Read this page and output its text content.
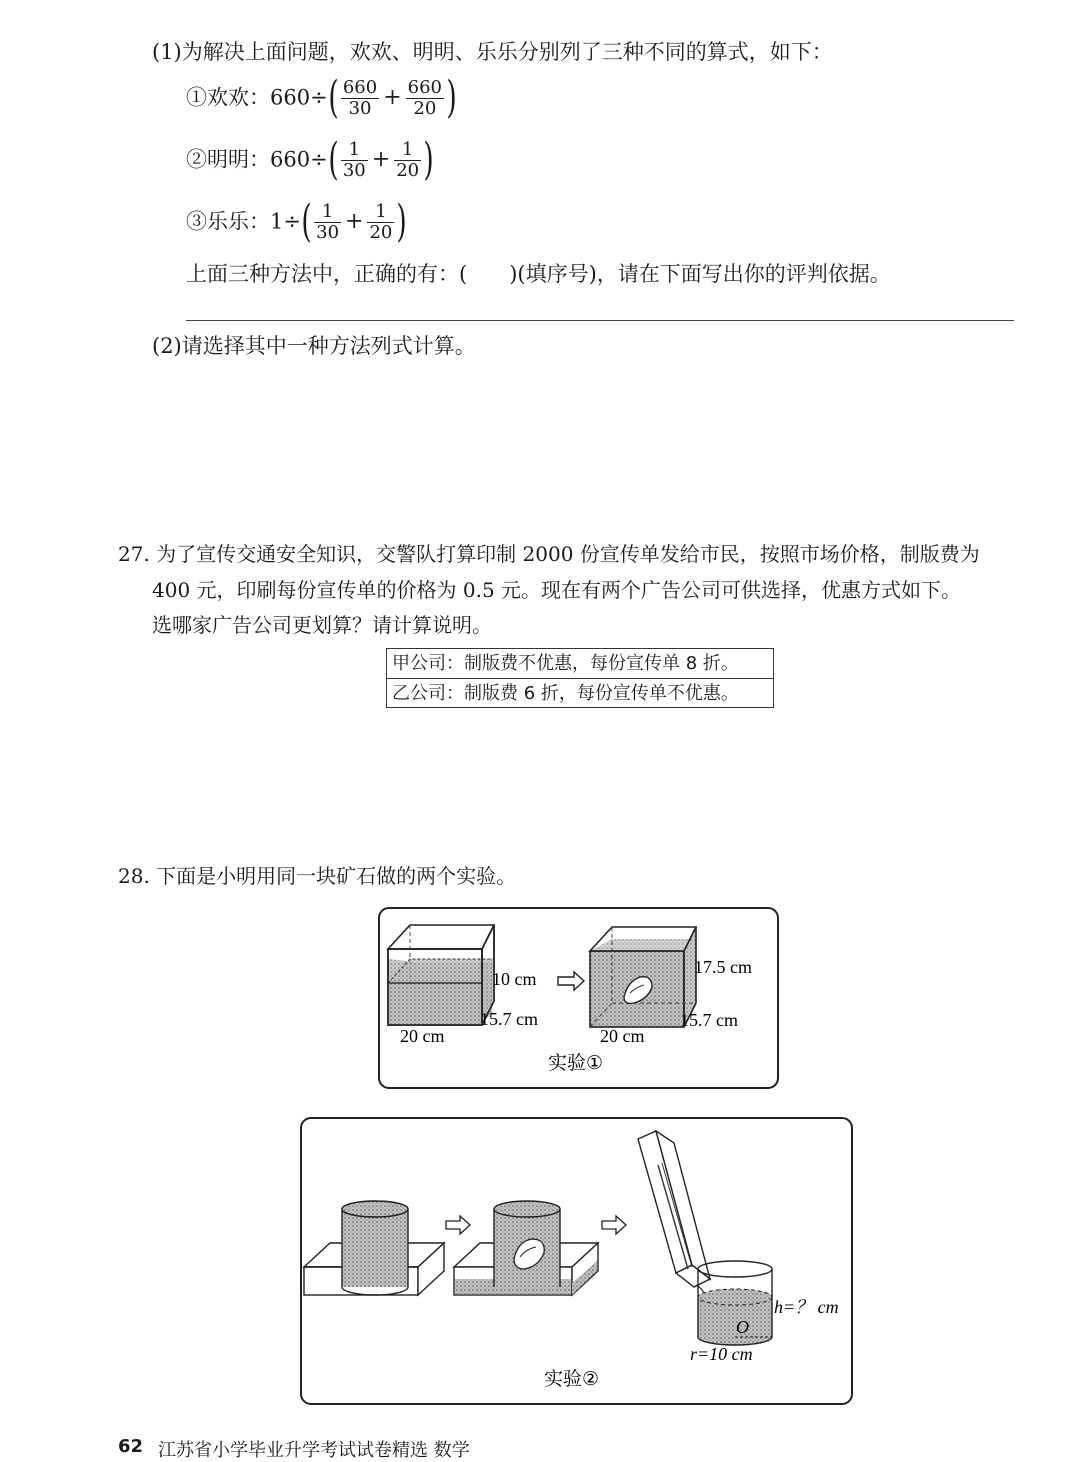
(1)为解决上面问题，欢欢、明明、乐乐分别列了三种不同的算式，如下：
①欢欢：$660\div( \frac{660}{30} + \frac{660}{20}$ )
②明明：$660\div( \frac{1}{30} + \frac{1}{20}$ )
③乐乐：$1\div( \frac{1}{30} + \frac{1}{20}$ )
上面三种方法中，正确的有：(　　)(填序号)，请在下面写出你的评判依据。
(2)请选择其中一种方法列式计算。
27. 为了宣传交通安全知识，交警队打算印制 2000 份宣传单发给市民，按照市场价格，制版费为
400 元，印刷每份宣传单的价格为 0.5 元。现在有两个广告公司可供选择，优惠方式如下。
选哪家广告公司更划算？请计算说明。
甲公司：制版费不优惠，每份宣传单 8 折。
乙公司：制版费 6 折，每份宣传单不优惠。
28. 下面是小明用同一块矿石做的两个实验。
10 cm
15.7 cm
20 cm
17.5 cm
15.7 cm
20 cm
实验①
h=？ cm
O
r=10 cm
实验②
62 江苏省小学毕业升学考试试卷精选 数学
